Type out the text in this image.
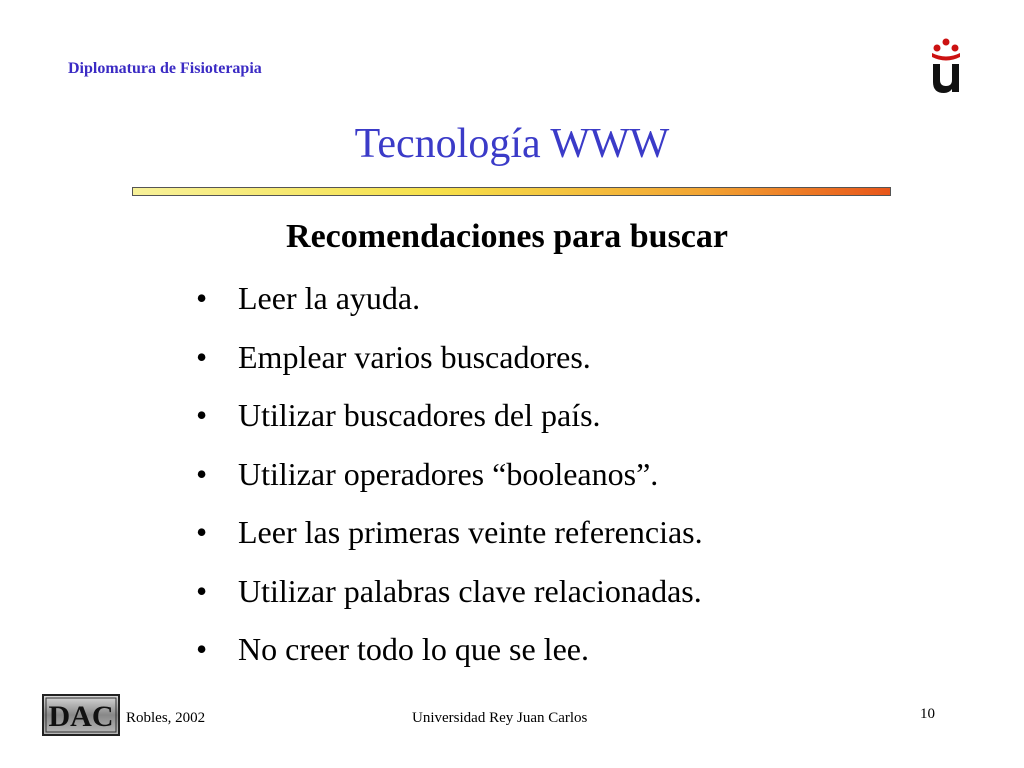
Diplomatura de Fisioterapia
Tecnología WWW
Recomendaciones para buscar
• Leer la ayuda.
• Emplear varios buscadores.
• Utilizar buscadores del país.
• Utilizar operadores “booleanos”.
• Leer las primeras veinte referencias.
• Utilizar palabras clave relacionadas.
• No creer todo lo que se lee.
DAC Robles, 2002	Universidad Rey Juan Carlos	10
